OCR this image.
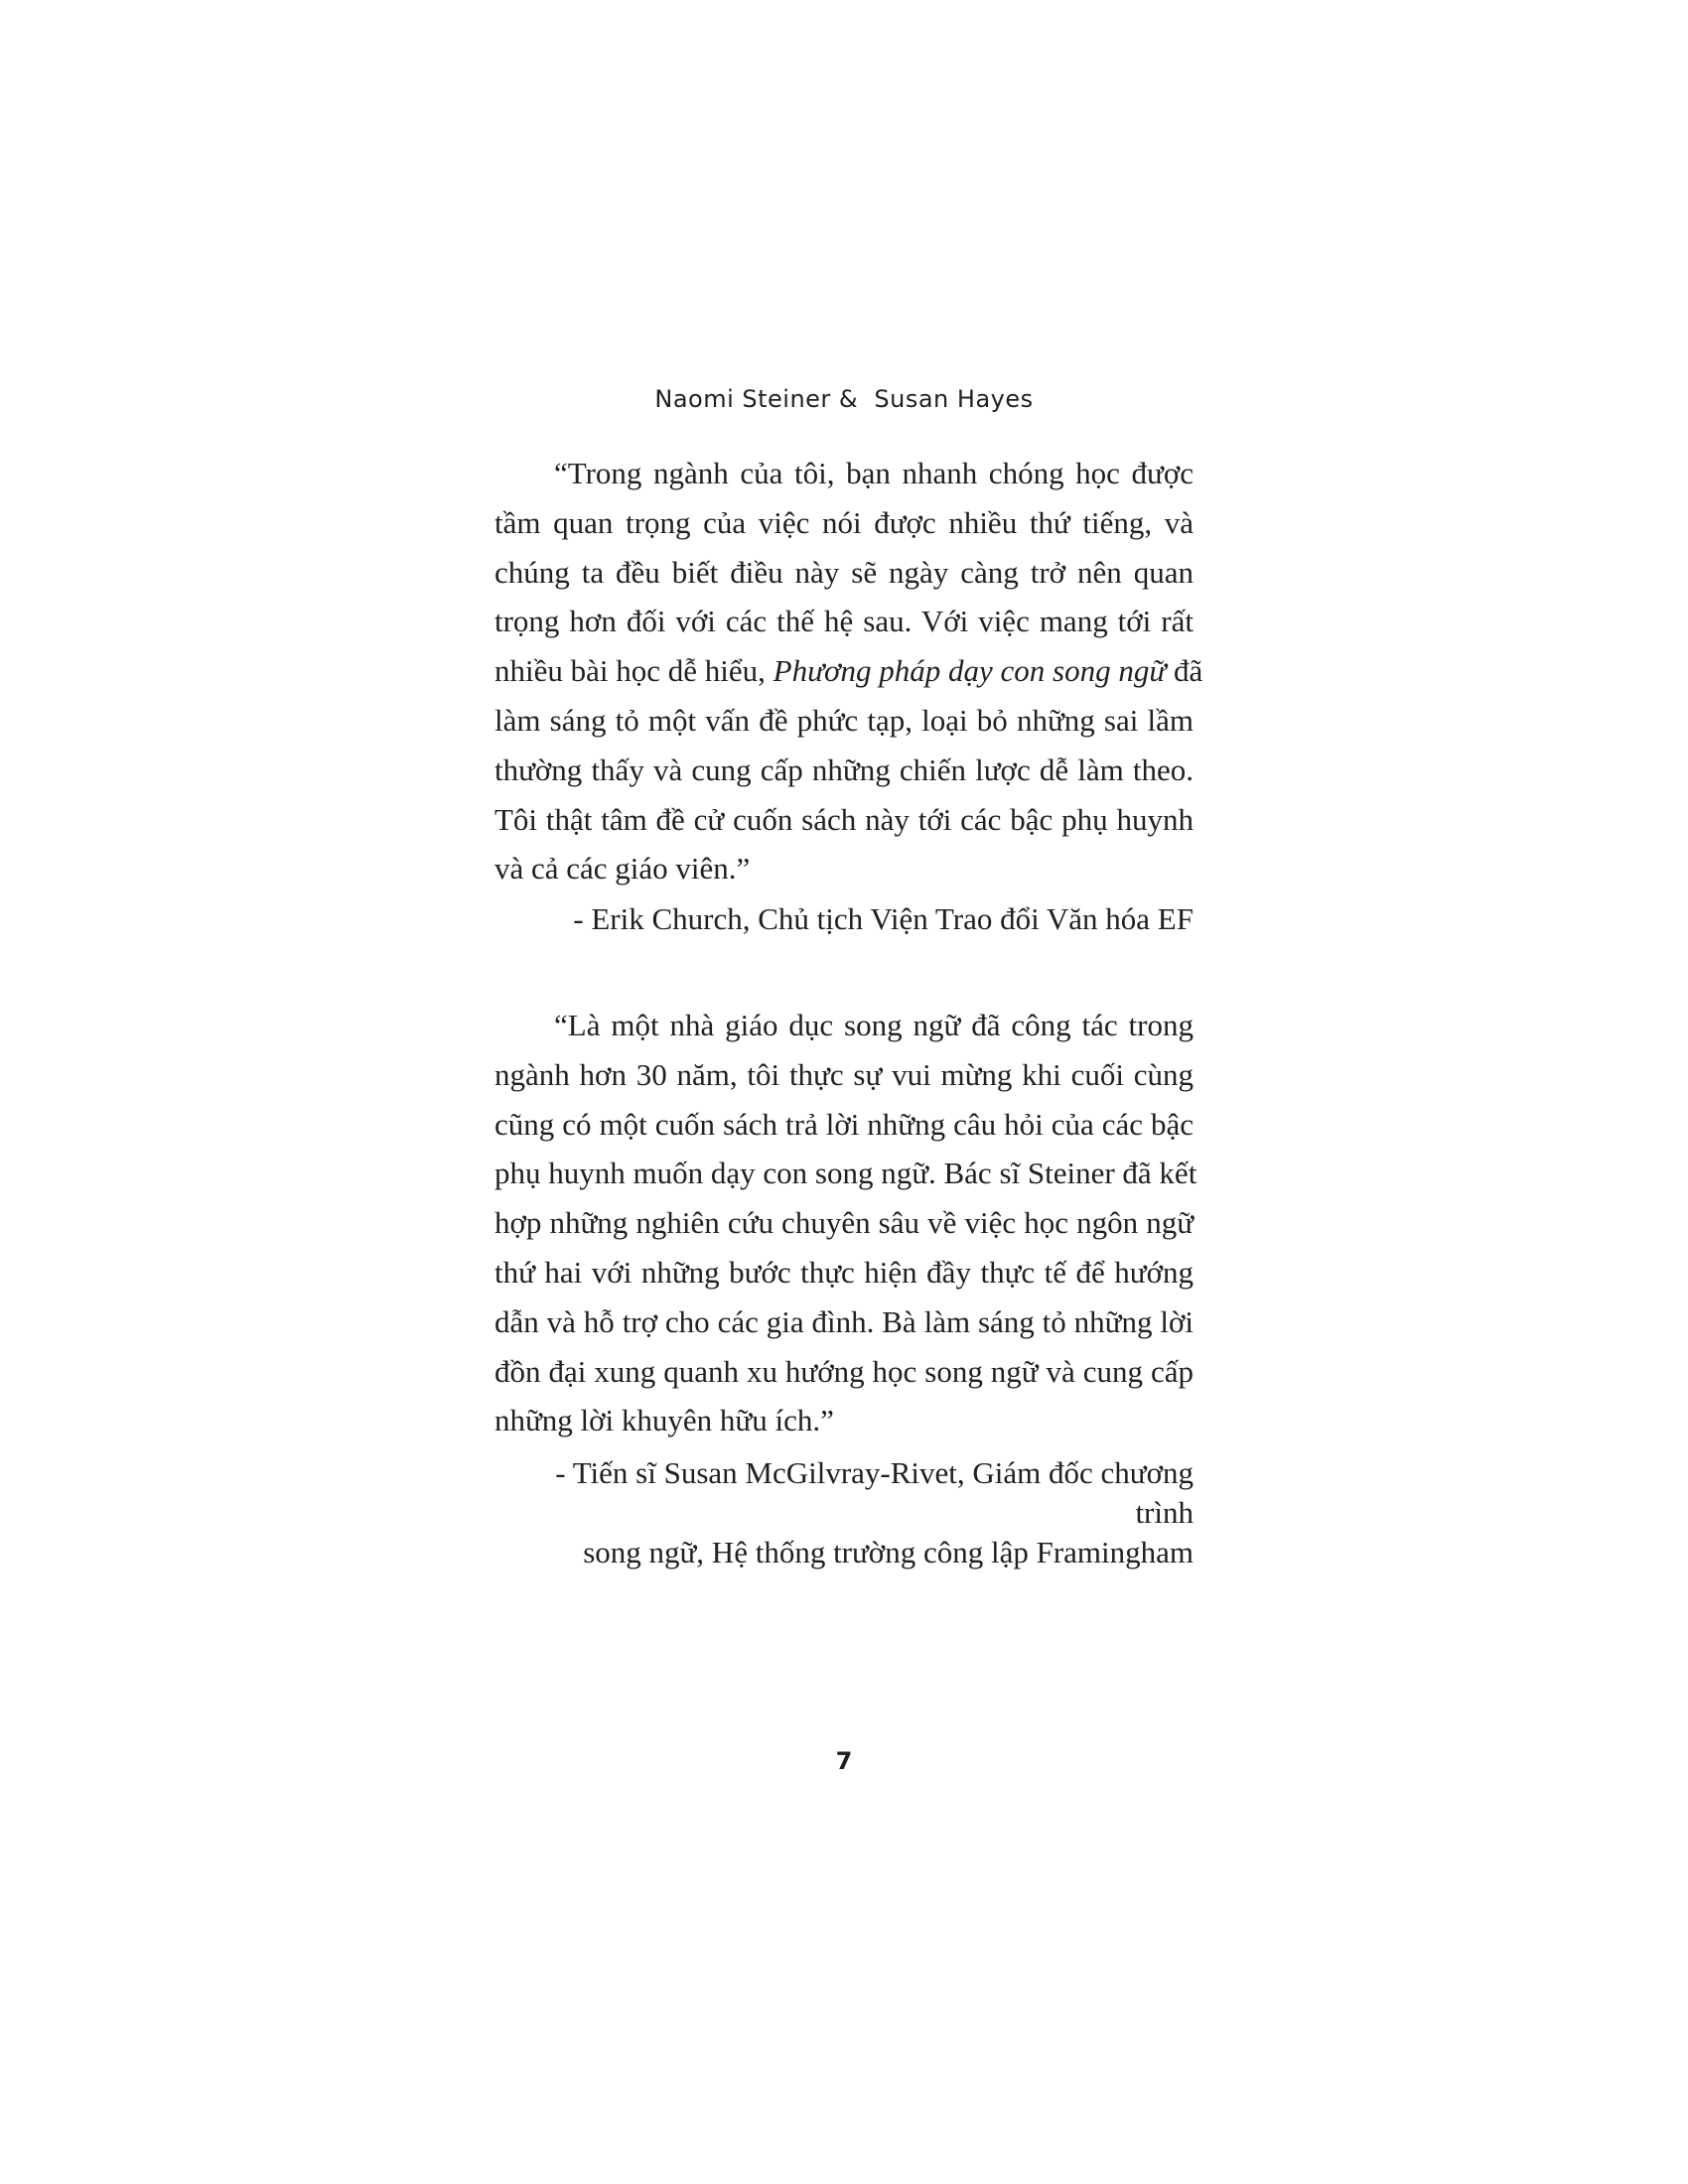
Naomi Steiner &  Susan Hayes

“Trong ngành của tôi, bạn nhanh chóng học được
tầm quan trọng của việc nói được nhiều thứ tiếng, và
chúng ta đều biết điều này sẽ ngày càng trở nên quan
trọng hơn đối với các thế hệ sau. Với việc mang tới rất
nhiều bài học dễ hiểu, Phương pháp dạy con song ngữ đã
làm sáng tỏ một vấn đề phức tạp, loại bỏ những sai lầm
thường thấy và cung cấp những chiến lược dễ làm theo.
Tôi thật tâm đề cử cuốn sách này tới các bậc phụ huynh
và cả các giáo viên.”

- Erik Church, Chủ tịch Viện Trao đổi Văn hóa EF

“Là một nhà giáo dục song ngữ đã công tác trong
ngành hơn 30 năm, tôi thực sự vui mừng khi cuối cùng
cũng có một cuốn sách trả lời những câu hỏi của các bậc
phụ huynh muốn dạy con song ngữ. Bác sĩ Steiner đã kết
hợp những nghiên cứu chuyên sâu về việc học ngôn ngữ
thứ hai với những bước thực hiện đầy thực tế để hướng
dẫn và hỗ trợ cho các gia đình. Bà làm sáng tỏ những lời
đồn đại xung quanh xu hướng học song ngữ và cung cấp
những lời khuyên hữu ích.”

- Tiến sĩ Susan McGilvray-Rivet, Giám đốc chương trình
song ngữ, Hệ thống trường công lập Framingham

7
